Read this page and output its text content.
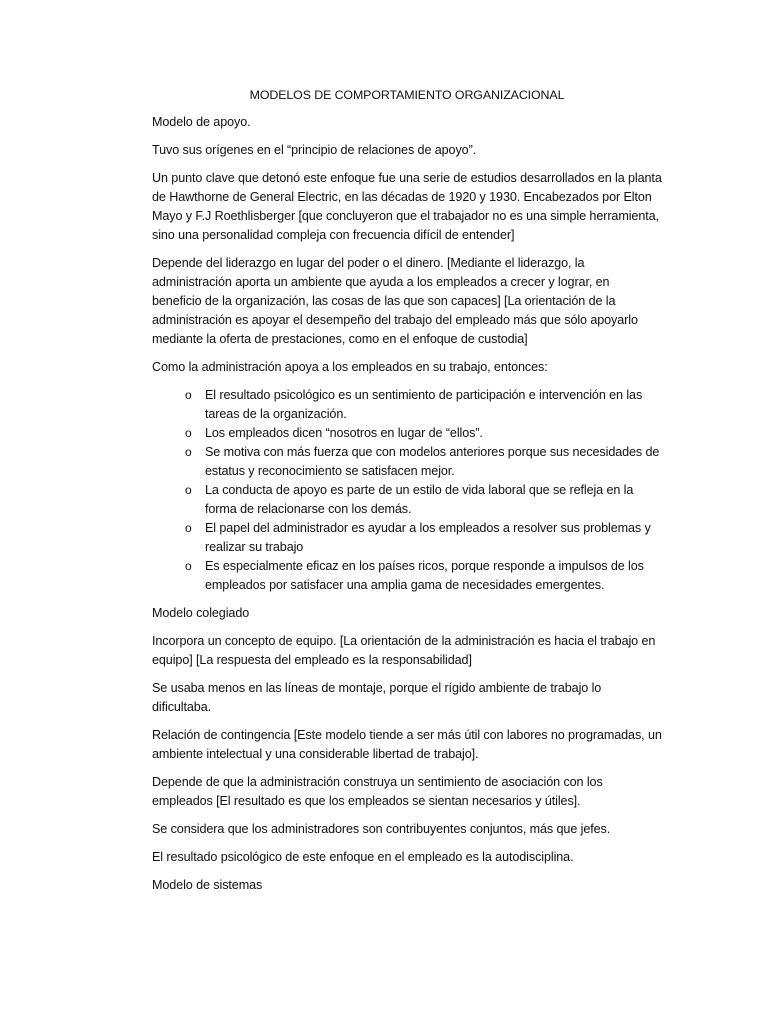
MODELOS DE COMPORTAMIENTO ORGANIZACIONAL
Modelo de apoyo.

Tuvo sus orígenes en el “principio de relaciones de apoyo”.

Un punto clave que detonó este enfoque fue una serie de estudios desarrollados en la planta de Hawthorne de General Electric, en las décadas de 1920 y 1930. Encabezados por Elton Mayo y F.J Roethlisberger [que concluyeron que el trabajador no es una simple herramienta, sino una personalidad compleja con frecuencia difícil de entender]

Depende del liderazgo en lugar del poder o el dinero. [Mediante el liderazgo, la administración aporta un ambiente que ayuda a los empleados a crecer y lograr, en beneficio de la organización, las cosas de las que son capaces] [La orientación de la administración es apoyar el desempeño del trabajo del empleado más que sólo apoyarlo mediante la oferta de prestaciones, como en el enfoque de custodia]

Como la administración apoya a los empleados en su trabajo, entonces:

o El resultado psicológico es un sentimiento de participación e intervención en las tareas de la organización.
o Los empleados dicen “nosotros en lugar de “ellos”.
o Se motiva con más fuerza que con modelos anteriores porque sus necesidades de estatus y reconocimiento se satisfacen mejor.
o La conducta de apoyo es parte de un estilo de vida laboral que se refleja en la forma de relacionarse con los demás.
o El papel del administrador es ayudar a los empleados a resolver sus problemas y realizar su trabajo
o Es especialmente eficaz en los países ricos, porque responde a impulsos de los empleados por satisfacer una amplia gama de necesidades emergentes.
Modelo colegiado

Incorpora un concepto de equipo. [La orientación de la administración es hacia el trabajo en equipo] [La respuesta del empleado es la responsabilidad]

Se usaba menos en las líneas de montaje, porque el rígido ambiente de trabajo lo dificultaba.

Relación de contingencia [Este modelo tiende a ser más útil con labores no programadas, un ambiente intelectual y una considerable libertad de trabajo].

Depende de que la administración construya un sentimiento de asociación con los empleados [El resultado es que los empleados se sientan necesarios y útiles].

Se considera que los administradores son contribuyentes conjuntos, más que jefes.

El resultado psicológico de este enfoque en el empleado es la autodisciplina.

Modelo de sistemas
